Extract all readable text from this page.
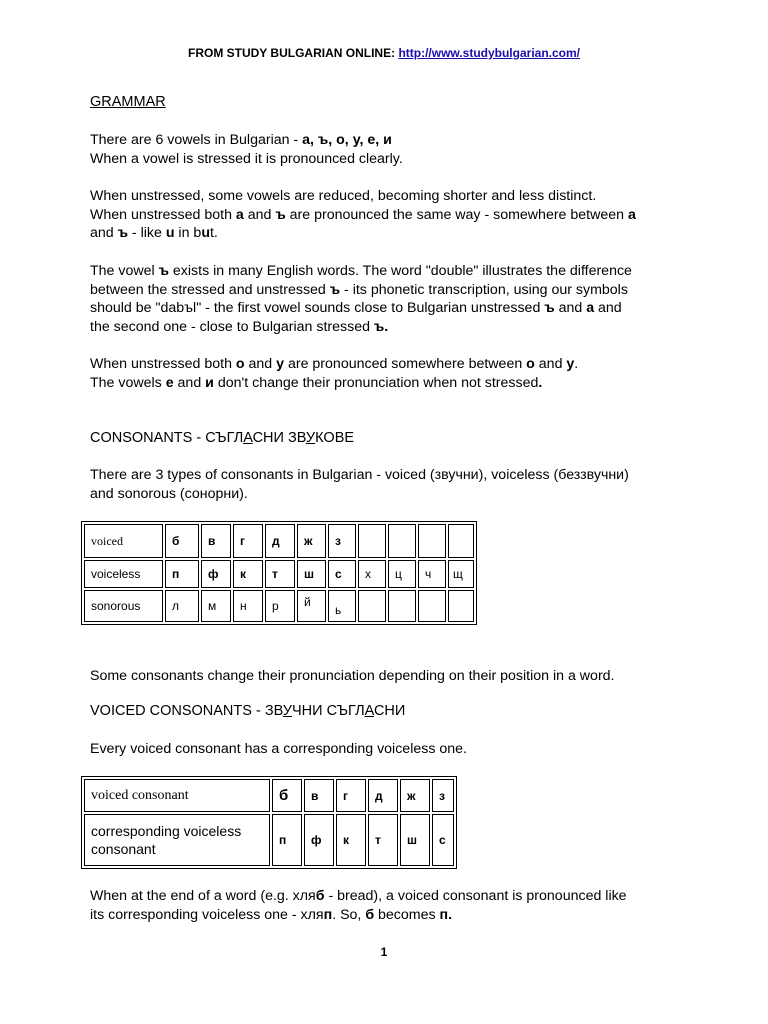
FROM STUDY BULGARIAN ONLINE: http://www.studybulgarian.com/
GRAMMAR
There are 6 vowels in Bulgarian - а, ъ, о, у, е, и
When a vowel is stressed it is pronounced clearly.
When unstressed, some vowels are reduced, becoming shorter and less distinct.
When unstressed both а and ъ are pronounced the same way - somewhere between а
and ъ - like u in but.
The vowel ъ exists in many English words. The word "double" illustrates the difference
between the stressed and unstressed ъ - its phonetic transcription, using our symbols
should be "dabъl" - the first vowel sounds close to Bulgarian unstressed ъ and а and
the second one - close to Bulgarian stressed ъ.
When unstressed both о and у are pronounced somewhere between о and у.
The vowels е and и don't change their pronunciation when not stressed.
CONSONANTS - СЪГЛАСНИ ЗВУКОВЕ
There are 3 types of consonants in Bulgarian - voiced (звучни), voiceless (беззвучни)
and sonorous (сонорни).
voiced	б	в	г	д	ж	з				
voiceless	п	ф	к	т	ш	с	х	ц	ч	щ
sonorous	л	м	н	р	й	ь				
Some consonants change their pronunciation depending on their position in a word.
VOICED CONSONANTS - ЗВУЧНИ СЪГЛАСНИ
Every voiced consonant has a corresponding voiceless one.
voiced consonant	б	в	г	д	ж	з
corresponding voiceless consonant	п	ф	к	т	ш	с
When at the end of a word (e.g. хляб - bread), a voiced consonant is pronounced like
its corresponding voiceless one - хляп. So, б becomes п.
1
